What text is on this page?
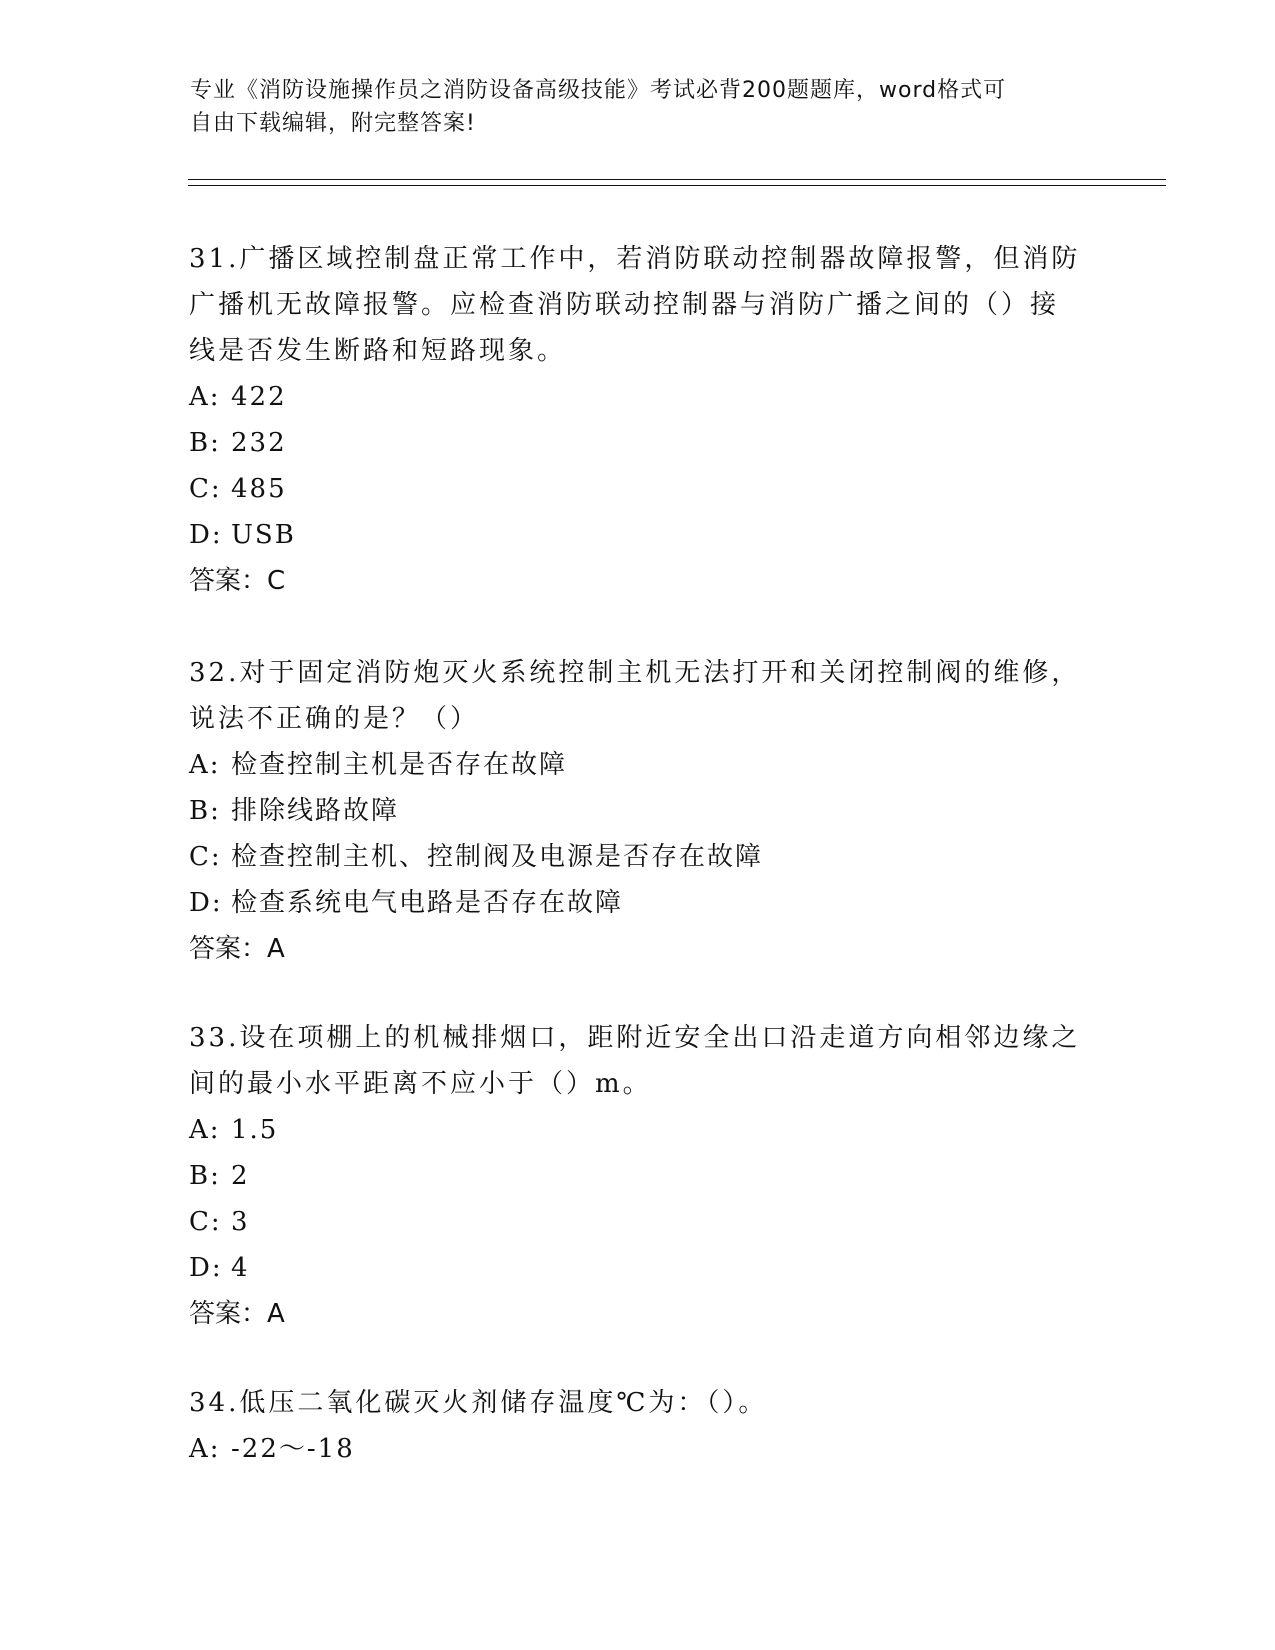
专业《消防设施操作员之消防设备高级技能》考试必背200题题库，word格式可
自由下载编辑，附完整答案!

31.广播区域控制盘正常工作中，若消防联动控制器故障报警，但消防

广播机无故障报警。应检查消防联动控制器与消防广播之间的（）接

线是否发生断路和短路现象。

A: 422

B: 232

C: 485

D: USB

答案：C

32.对于固定消防炮灭火系统控制主机无法打开和关闭控制阀的维修，

说法不正确的是？（）

A: 检查控制主机是否存在故障

B: 排除线路故障

C: 检查控制主机、控制阀及电源是否存在故障

D: 检查系统电气电路是否存在故障

答案：A

33.设在项棚上的机械排烟口，距附近安全出口沿走道方向相邻边缘之

间的最小水平距离不应小于（）m。

A: 1.5

B: 2

C: 3

D: 4

答案：A

34.低压二氧化碳灭火剂储存温度℃为：（）。

A: -22～-18
